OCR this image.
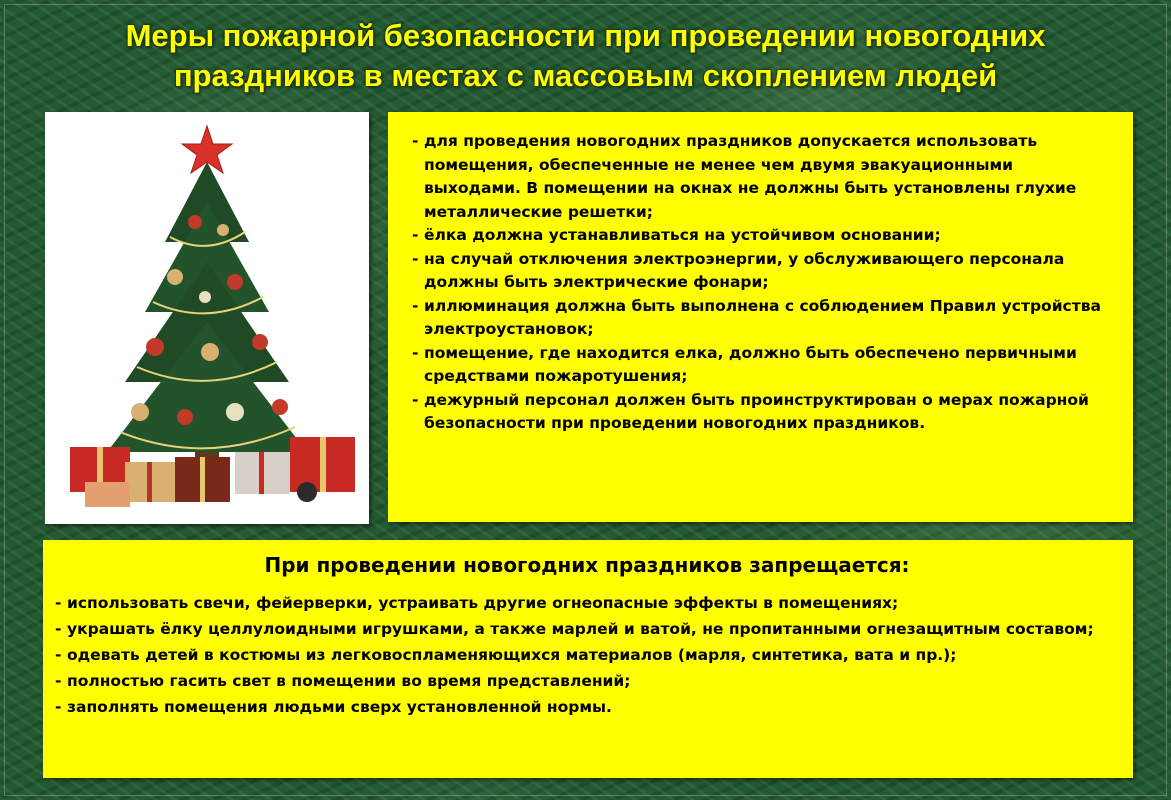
Меры пожарной безопасности при проведении новогодних
праздников в местах с массовым скоплением людей
- для проведения новогодних праздников допускается использовать помещения, обеспеченные не менее чем двумя эвакуационными выходами. В помещении на окнах не должны быть установлены глухие металлические решетки;
- ёлка должна устанавливаться на устойчивом основании;
- на случай отключения электроэнергии, у обслуживающего персонала должны быть электрические фонари;
- иллюминация должна быть выполнена с соблюдением Правил устройства электроустановок;
- помещение, где находится елка, должно быть обеспечено первичными средствами пожаротушения;
- дежурный персонал должен быть проинструктирован о мерах пожарной безопасности при проведении новогодних праздников.
При проведении новогодних праздников запрещается:
- использовать свечи, фейерверки, устраивать другие огнеопасные эффекты в помещениях;
- украшать ёлку целлулоидными игрушками, а также марлей и ватой, не пропитанными огнезащитным составом;
- одевать детей в костюмы из легковоспламеняющихся материалов (марля, синтетика, вата и пр.);
- полностью гасить свет в помещении во время представлений;
- заполнять помещения людьми сверх установленной нормы.
